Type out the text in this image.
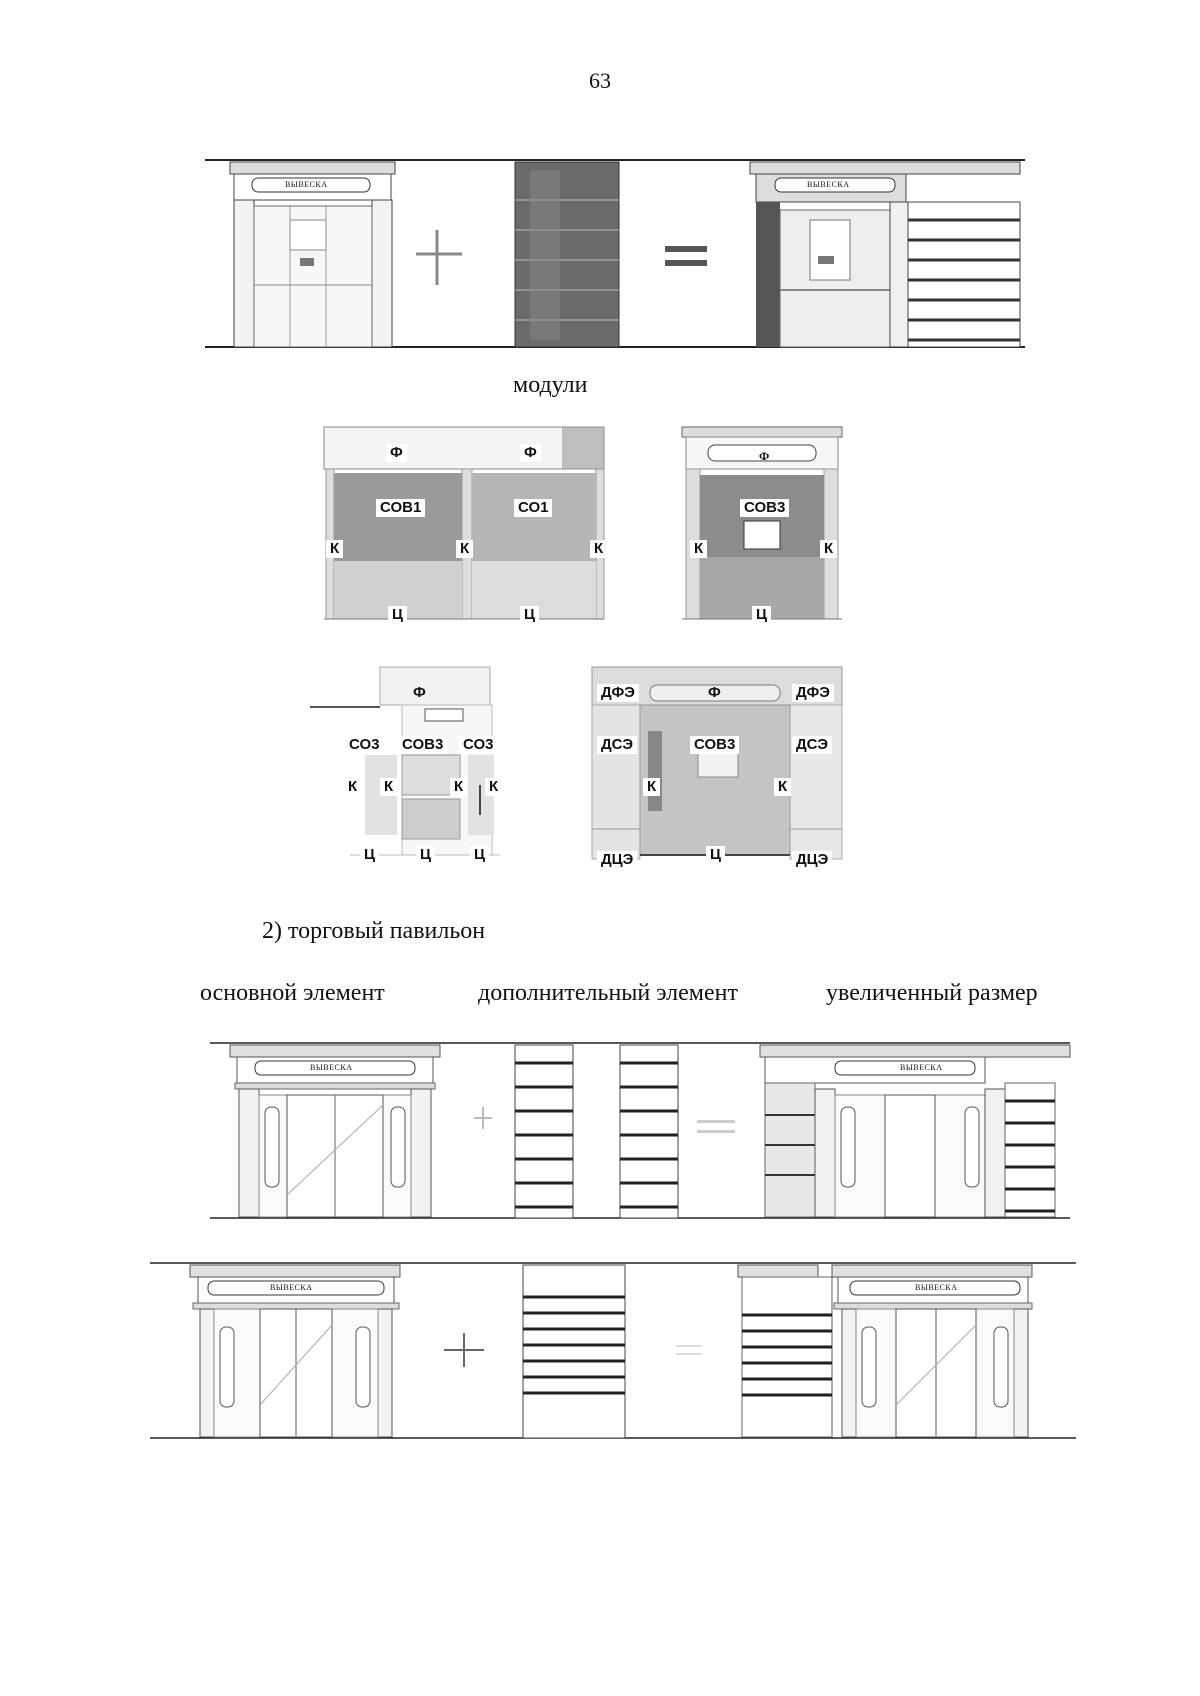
63
ВЫВЕСКА	ВЫВЕСКА
модули
Ф	Ф
СОВ1	СО1
К	К	К
Ц	Ц
Ф
СОВ3
К	К
Ц
Ф
СО3 СОВ3 СО3
К К	К К
Ц	Ц	Ц
ДФЭ	Ф	ДФЭ
ДСЭ	СОВ3	ДСЭ
К	К
ДЦЭ	Ц	ДЦЭ
2) торговый павильон
основной элемент	дополнительный элемент	увеличенный размер
ВЫВЕСКА	ВЫВЕСКА
ВЫВЕСКА	ВЫВЕСКА
